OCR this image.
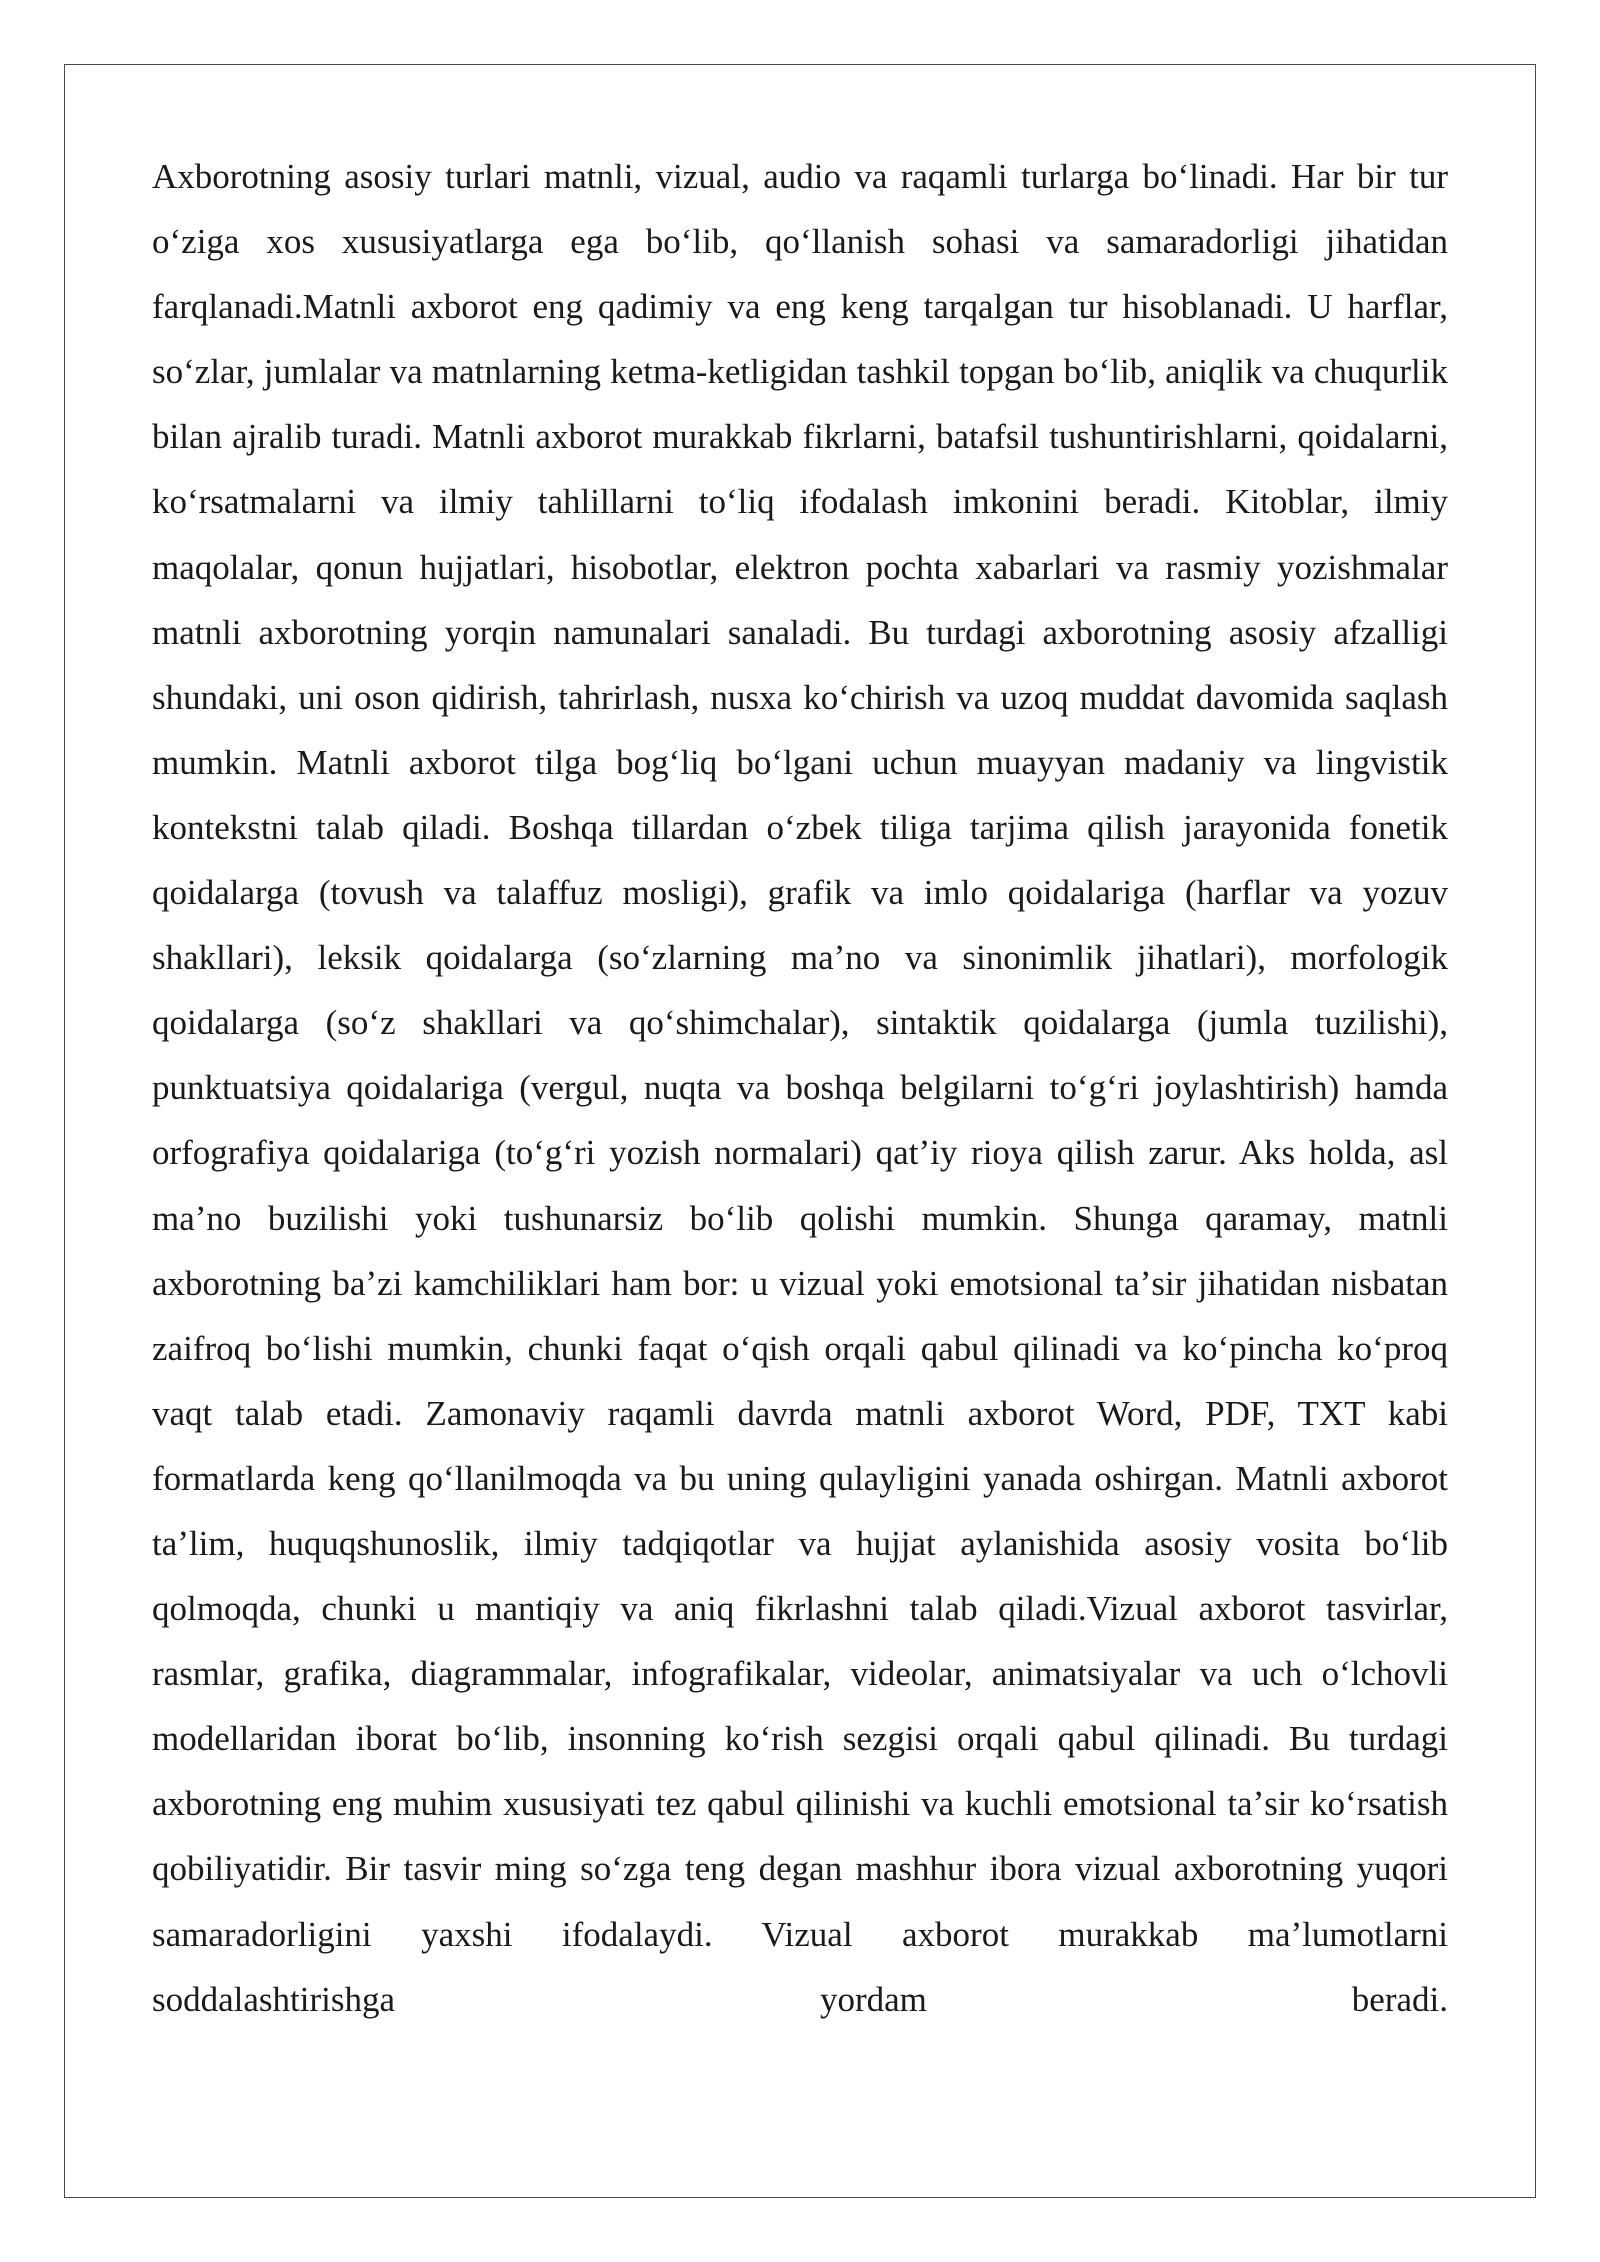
Axborotning asosiy turlari matnli, vizual, audio va raqamli turlarga boʻlinadi. Har bir tur oʻziga xos xususiyatlarga ega boʻlib, qoʻllanish sohasi va samaradorligi jihatidan farqlanadi.Matnli axborot eng qadimiy va eng keng tarqalgan tur hisoblanadi. U harflar, soʻzlar, jumlalar va matnlarning ketma-ketligidan tashkil topgan boʻlib, aniqlik va chuqurlik bilan ajralib turadi. Matnli axborot murakkab fikrlarni, batafsil tushuntirishlarni, qoidalarni, koʻrsatmalarni va ilmiy tahlillarni toʻliq ifodalash imkonini beradi. Kitoblar, ilmiy maqolalar, qonun hujjatlari, hisobotlar, elektron pochta xabarlari va rasmiy yozishmalar matnli axborotning yorqin namunalari sanaladi. Bu turdagi axborotning asosiy afzalligi shundaki, uni oson qidirish, tahrirlash, nusxa koʻchirish va uzoq muddat davomida saqlash mumkin. Matnli axborot tilga bogʻliq boʻlgani uchun muayyan madaniy va lingvistik kontekstni talab qiladi. Boshqa tillardan oʻzbek tiliga tarjima qilish jarayonida fonetik qoidalarga (tovush va talaffuz mosligi), grafik va imlo qoidalariga (harflar va yozuv shakllari), leksik qoidalarga (soʻzlarning maʼno va sinonimlik jihatlari), morfologik qoidalarga (soʻz shakllari va qoʻshimchalar), sintaktik qoidalarga (jumla tuzilishi), punktuatsiya qoidalariga (vergul, nuqta va boshqa belgilarni toʻgʻri joylashtirish) hamda orfografiya qoidalariga (toʻgʻri yozish normalari) qatʼiy rioya qilish zarur. Aks holda, asl maʼno buzilishi yoki tushunarsiz boʻlib qolishi mumkin. Shunga qaramay, matnli axborotning baʼzi kamchiliklari ham bor: u vizual yoki emotsional taʼsir jihatidan nisbatan zaifroq boʻlishi mumkin, chunki faqat oʻqish orqali qabul qilinadi va koʻpincha koʻproq vaqt talab etadi. Zamonaviy raqamli davrda matnli axborot Word, PDF, TXT kabi formatlarda keng qoʻllanilmoqda va bu uning qulayligini yanada oshirgan. Matnli axborot taʼlim, huquqshunoslik, ilmiy tadqiqotlar va hujjat aylanishida asosiy vosita boʻlib qolmoqda, chunki u mantiqiy va aniq fikrlashni talab qiladi.Vizual axborot tasvirlar, rasmlar, grafika, diagrammalar, infografikalar, videolar, animatsiyalar va uch oʻlchovli modellaridan iborat boʻlib, insonning koʻrish sezgisi orqali qabul qilinadi. Bu turdagi axborotning eng muhim xususiyati tez qabul qilinishi va kuchli emotsional taʼsir koʻrsatish qobiliyatidir. Bir tasvir ming soʻzga teng degan mashhur ibora vizual axborotning yuqori samaradorligini yaxshi ifodalaydi. Vizual axborot murakkab maʼlumotlarni soddalashtirishga yordam beradi.
